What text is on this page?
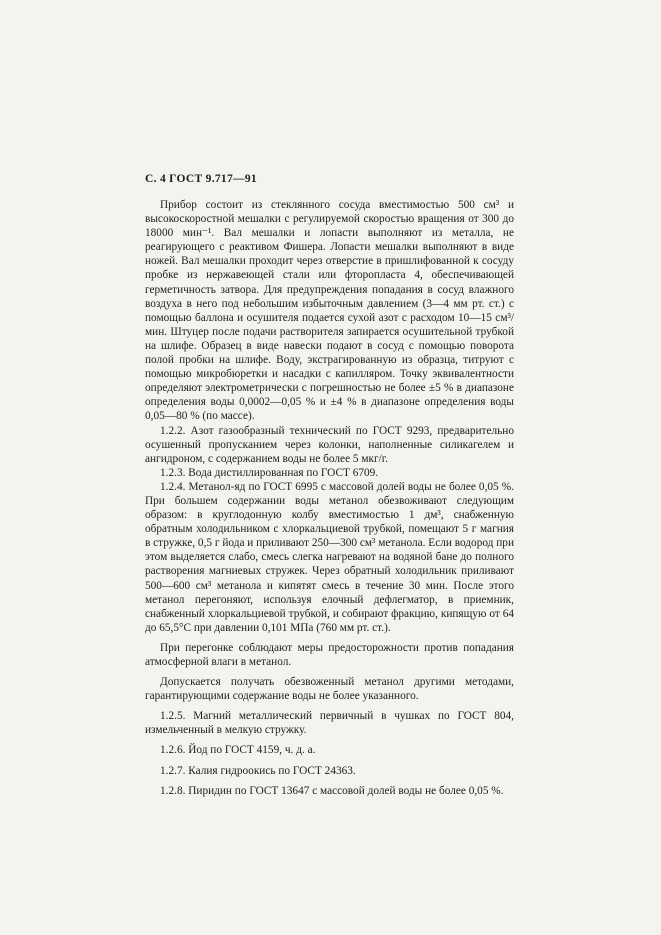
С. 4 ГОСТ 9.717—91

Прибор состоит из стеклянного сосуда вместимостью 500 см³ и высокоскоростной мешалки с регулируемой скоростью вращения от 300 до 18000 мин⁻¹. Вал мешалки и лопасти выполняют из металла, не реагирующего с реактивом Фишера. Лопасти мешалки выполняют в виде ножей. Вал мешалки проходит через отверстие в пришлифованной к сосуду пробке из нержавеющей стали или фторопласта 4, обеспечивающей герметичность затвора. Для предупреждения попадания в сосуд влажного воздуха в него под небольшим избыточным давлением (3—4 мм рт. ст.) с помощью баллона и осушителя подается сухой азот с расходом 10—15 см³/мин. Штуцер после подачи растворителя запирается осушительной трубкой на шлифе. Образец в виде навески подают в сосуд с помощью поворота полой пробки на шлифе. Воду, экстрагированную из образца, титруют с помощью микробюретки и насадки с капилляром. Точку эквивалентности определяют электрометрически с погрешностью не более ±5 % в диапазоне определения воды 0,0002—0,05 % и ±4 % в диапазоне определения воды 0,05—80 % (по массе).

1.2.2. Азот газообразный технический по ГОСТ 9293, предварительно осушенный пропусканием через колонки, наполненные силикагелем и ангидроном, с содержанием воды не более 5 мкг/г.

1.2.3. Вода дистиллированная по ГОСТ 6709.

1.2.4. Метанол-яд по ГОСТ 6995 с массовой долей воды не более 0,05 %. При большем содержании воды метанол обезвоживают следующим образом: в круглодонную колбу вместимостью 1 дм³, снабженную обратным холодильником с хлоркальциевой трубкой, помещают 5 г магния в стружке, 0,5 г йода и приливают 250—300 см³ метанола. Если водород при этом выделяется слабо, смесь слегка нагревают на водяной бане до полного растворения магниевых стружек. Через обратный холодильник приливают 500—600 см³ метанола и кипятят смесь в течение 30 мин. После этого метанол перегоняют, используя елочный дефлегматор, в приемник, снабженный хлоркальциевой трубкой, и собирают фракцию, кипящую от 64 до 65,5°С при давлении 0,101 МПа (760 мм рт. ст.).

При перегонке соблюдают меры предосторожности против попадания атмосферной влаги в метанол.

Допускается получать обезвоженный метанол другими методами, гарантирующими содержание воды не более указанного.

1.2.5. Магний металлический первичный в чушках по ГОСТ 804, измельченный в мелкую стружку.

1.2.6. Йод по ГОСТ 4159, ч. д. а.

1.2.7. Калия гидроокись по ГОСТ 24363.

1.2.8. Пиридин по ГОСТ 13647 с массовой долей воды не более 0,05 %.
